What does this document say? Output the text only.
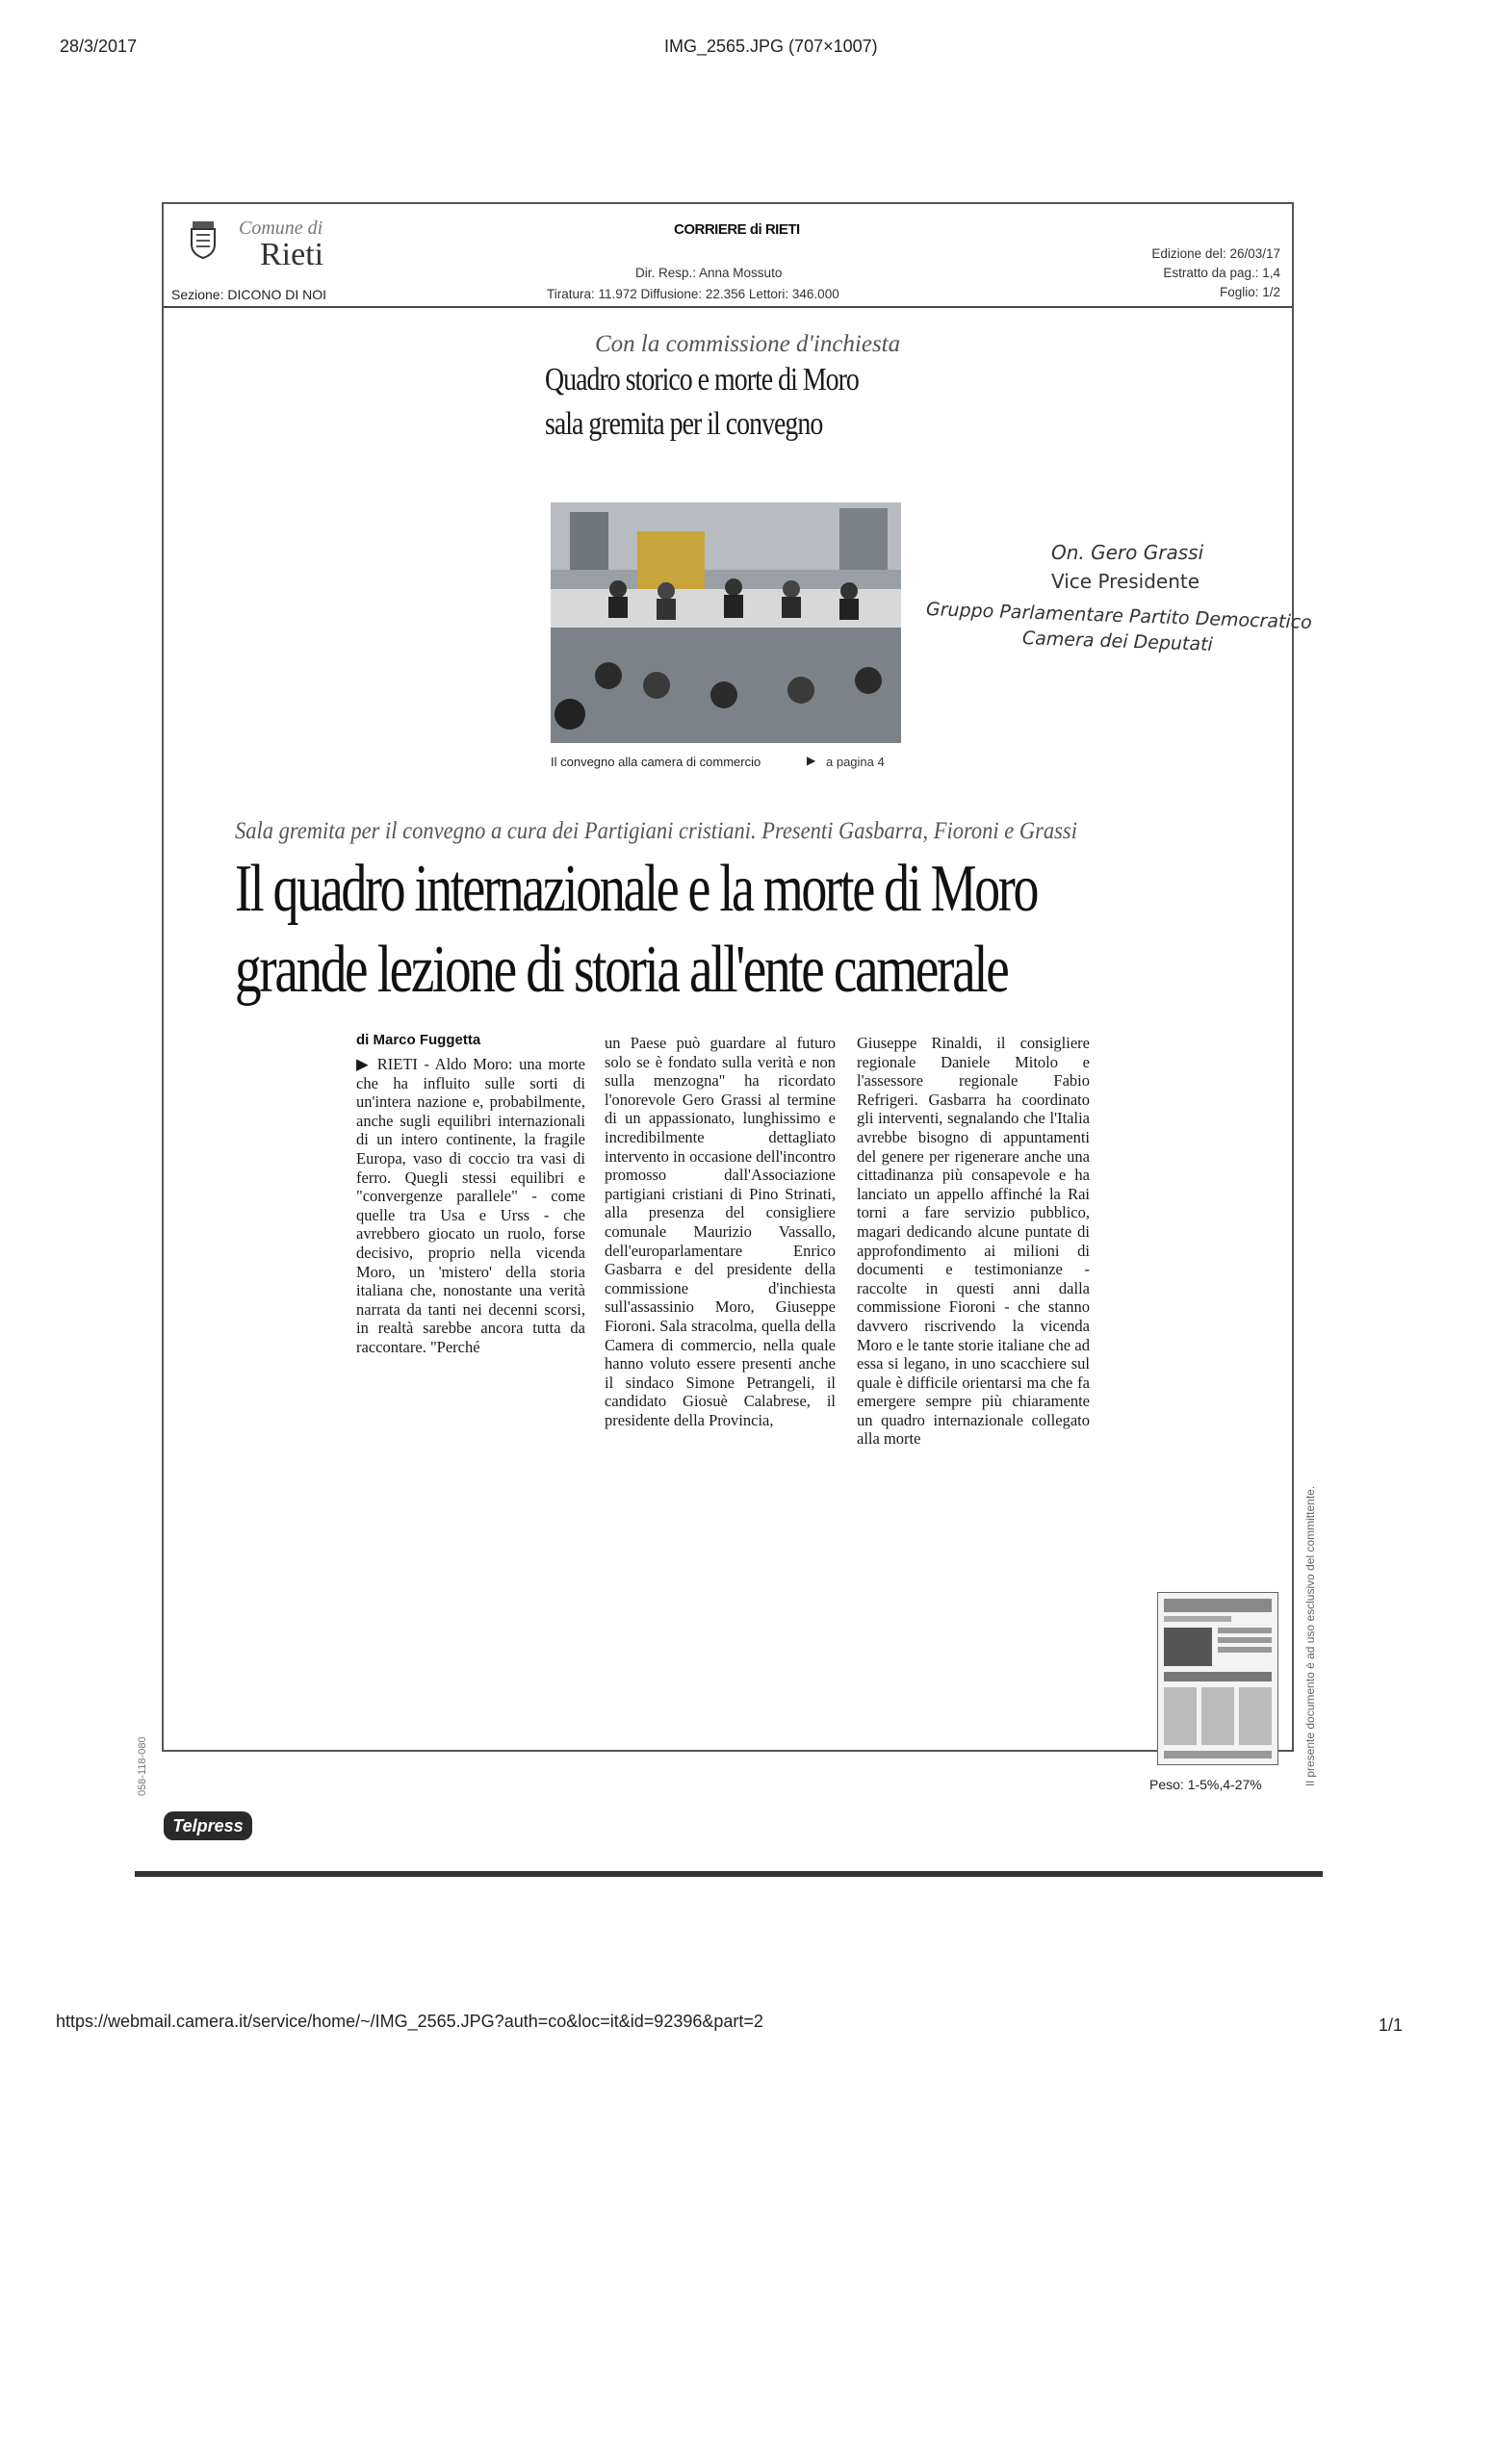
28/3/2017	IMG_2565.JPG (707×1007)
Comune di
Rieti
Sezione: DICONO DI NOI
CORRIERE di RIETI
Dir. Resp.: Anna Mossuto
Tiratura: 11.972 Diffusione: 22.356 Lettori: 346.000
Edizione del: 26/03/17
Estratto da pag.: 1,4
Foglio: 1/2
Con la commissione d'inchiesta
Quadro storico e morte di Moro
sala gremita per il convegno
Il convegno alla camera di commercio	▶ a pagina 4
On. Gero Grassi
Vice Presidente
Gruppo Parlamentare Partito Democratico
Camera dei Deputati
Sala gremita per il convegno a cura dei Partigiani cristiani. Presenti Gasbarra, Fioroni e Grassi
Il quadro internazionale e la morte di Moro
grande lezione di storia all'ente camerale
di Marco Fuggetta
▶ RIETI - Aldo Moro: una morte che ha influito sulle sorti di un'intera nazione e, probabilmente, anche sugli equilibri internazionali di un intero continente, la fragile Europa, vaso di coccio tra vasi di ferro. Quegli stessi equilibri e "convergenze parallele" - come quelle tra Usa e Urss - che avrebbero giocato un ruolo, forse decisivo, proprio nella vicenda Moro, un 'mistero' della storia italiana che, nonostante una verità narrata da tanti nei decenni scorsi, in realtà sarebbe ancora tutta da raccontare. "Perché
un Paese può guardare al futuro solo se è fondato sulla verità e non sulla menzogna" ha ricordato l'onorevole Gero Grassi al termine di un appassionato, lunghissimo e incredibilmente dettagliato intervento in occasione dell'incontro promosso dall'Associazione partigiani cristiani di Pino Strinati, alla presenza del consigliere comunale Maurizio Vassallo, dell'europarlamentare Enrico Gasbarra e del presidente della commissione d'inchiesta sull'assassinio Moro, Giuseppe Fioroni. Sala stracolma, quella della Camera di commercio, nella quale hanno voluto essere presenti anche il sindaco Simone Petrangeli, il candidato Giosuè Calabrese, il presidente della Provincia,
Giuseppe Rinaldi, il consigliere regionale Daniele Mitolo e l'assessore regionale Fabio Refrigeri. Gasbarra ha coordinato gli interventi, segnalando che l'Italia avrebbe bisogno di appuntamenti del genere per rigenerare anche una cittadinanza più consapevole e ha lanciato un appello affinché la Rai torni a fare servizio pubblico, magari dedicando alcune puntate di approfondimento ai milioni di documenti e testimonianze - raccolte in questi anni dalla commissione Fioroni - che stanno davvero riscrivendo la vicenda Moro e le tante storie italiane che ad essa si legano, in uno scacchiere sul quale è difficile orientarsi ma che fa emergere sempre più chiaramente un quadro internazionale collegato alla morte
Peso: 1-5%,4-27%	Il presente documento è ad uso esclusivo del committente.
058-118-080
Telpress
https://webmail.camera.it/service/home/~/IMG_2565.JPG?auth=co&loc=it&id=92396&part=2	1/1
